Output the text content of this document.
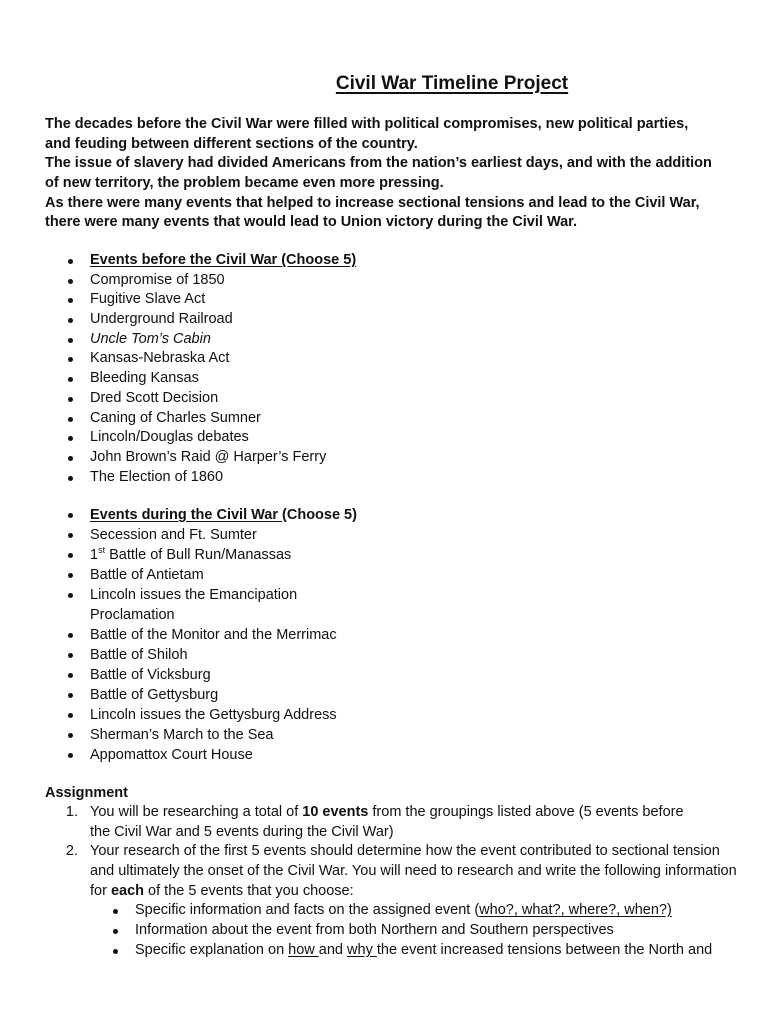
Civil War Timeline Project
The decades before the Civil War were filled with political compromises, new political parties,
and feuding between different sections of the country.
The issue of slavery had divided Americans from the nation’s earliest days, and with the addition
of new territory, the problem became even more pressing.
As there were many events that helped to increase sectional tensions and lead to the Civil War,
there were many events that would lead to Union victory during the Civil War.
Events before the Civil War (Choose 5)
Compromise of 1850
Fugitive Slave Act
Underground Railroad
Uncle Tom’s Cabin
Kansas-Nebraska Act
Bleeding Kansas
Dred Scott Decision
Caning of Charles Sumner
Lincoln/Douglas debates
John Brown’s Raid @ Harper’s Ferry
The Election of 1860
Events during the Civil War (Choose 5)
Secession and Ft. Sumter
1st Battle of Bull Run/Manassas
Battle of Antietam
Lincoln issues the Emancipation Proclamation
Battle of the Monitor and the Merrimac
Battle of Shiloh
Battle of Vicksburg
Battle of Gettysburg
Lincoln issues the Gettysburg Address
Sherman’s March to the Sea
Appomattox Court House
Assignment
1. You will be researching a total of 10 events from the groupings listed above (5 events before
the Civil War and 5 events during the Civil War)
2. Your research of the first 5 events should determine how the event contributed to sectional tension
and ultimately the onset of the Civil War. You will need to research and write the following information
for each of the 5 events that you choose:
Specific information and facts on the assigned event (who?, what?, where?, when?)
Information about the event from both Northern and Southern perspectives
Specific explanation on how and why the event increased tensions between the North and
